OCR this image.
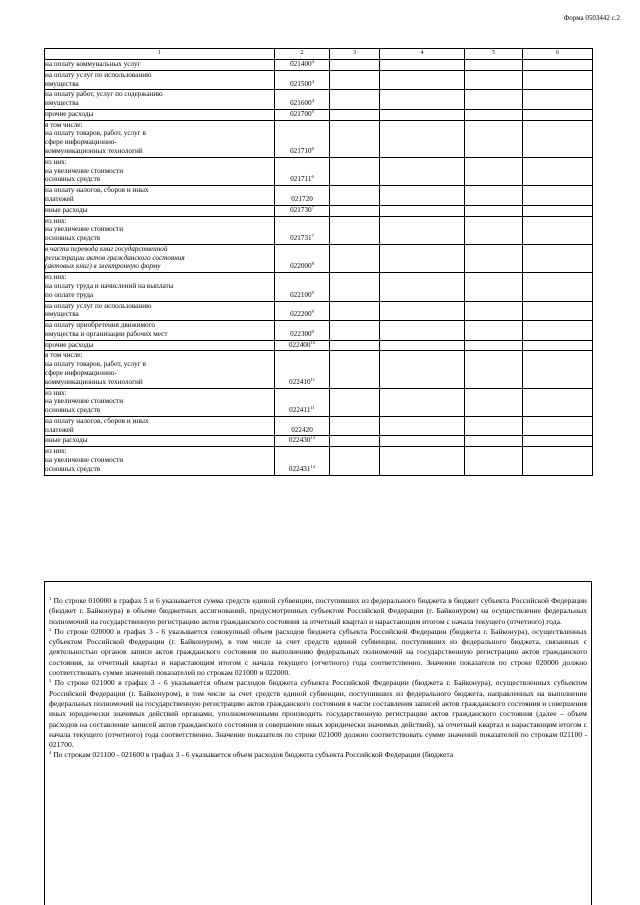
Форма 0503442 с.2
1	2	3	4	5	6

на оплату коммунальных услуг	021400$^4$				

на оплату услуг по использованию
имущества	021500$^4$				

на оплату работ, услуг по содержанию
имущества	021600$^4$				

прочие расходы	021700$^5$				

в том числе:
на оплату товаров, работ, услуг в
сфере информационно-
коммуникационных технологий	021710$^6$				

из них:
на увеличение стоимости
основных средств	021711$^6$				

на оплату налогов, сборов и иных
платежей	021720				

иные расходы	021730$^7$				

из них:
на увеличение стоимости
основных средств	021731$^7$				

в части перевода книг государственной
регистрации актов гражданского состояния
(актовых книг) в электронную форму	022000$^8$				

из них:
на оплату труда и начислений на выплаты
по оплате труда	022100$^9$				

на оплату услуг по использованию
имущества	022200$^9$				

на оплату приобретения движимого
имущества и организации рабочих мест	022300$^9$				

прочие расходы	022400$^{10}$				

в том числе:
на оплату товаров, работ, услуг в
сфере информационно-
коммуникационных технологий	022410$^{11}$				

из них:
на увеличение стоимости
основных средств	022411$^{11}$				

на оплату налогов, сборов и иных
платежей	022420				

иные расходы	022430$^{12}$				

из них:
на увеличение стоимости
основных средств	022431$^{12}$				

$^1$ По строке 010000 в графах 5 и 6 указывается сумма средств единой субвенции, поступивших из федерального бюджета в бюджет субъекта Российской Федерации (бюджет г. Байконура) в объеме бюджетных ассигнований, предусмотренных субъектом Российской Федерации (г. Байконуром) на осуществление федеральных полномочий на государственную регистрацию актов гражданского состояния за отчетный квартал и нарастающим итогом с начала текущего (отчетного) года.

$^2$ По строке 020000 в графах 3 - 6 указывается совокупный объем расходов бюджета субъекта Российской Федерации (бюджета г. Байконура), осуществленных субъектом Российской Федерации (г. Байконуром), в том числе за счет средств единой субвенции, поступивших из федерального бюджета, связанных с деятельностью органов записи актов гражданского состояния по выполнению федеральных полномочий на государственную регистрацию актов гражданского состояния, за отчетный квартал и нарастающим итогом с начала текущего (отчетного) года соответственно. Значение показателя по строке 020000 должно соответствовать сумме значений показателей по строкам 021000 и 022000.

$^3$ По строке 021000 в графах 3 - 6 указывается объем расходов бюджета субъекта Российской Федерации (бюджета г. Байконура), осуществленных субъектом Российской Федерации (г. Байконуром), в том числе за счет средств единой субвенции, поступивших из федерального бюджета, направленных на выполнение федеральных полномочий на государственную регистрацию актов гражданского состояния в части составления записей актов гражданского состояния и совершения иных юридически значимых действий органами, уполномоченными производить государственную регистрацию актов гражданского состояния (далее – объем расходов на составление записей актов гражданского состояния и совершение иных юридически значимых действий), за отчетный квартал и нарастающим итогом с начала текущего (отчетного) года соответственно. Значение показателя по строке 021000 должно соответствовать сумме значений показателей по строкам 021100 - 021700.

$^4$ По строкам 021100 - 021600 в графах 3 - 6 указывается объем расходов бюджета субъекта Российской Федерации (бюджета
